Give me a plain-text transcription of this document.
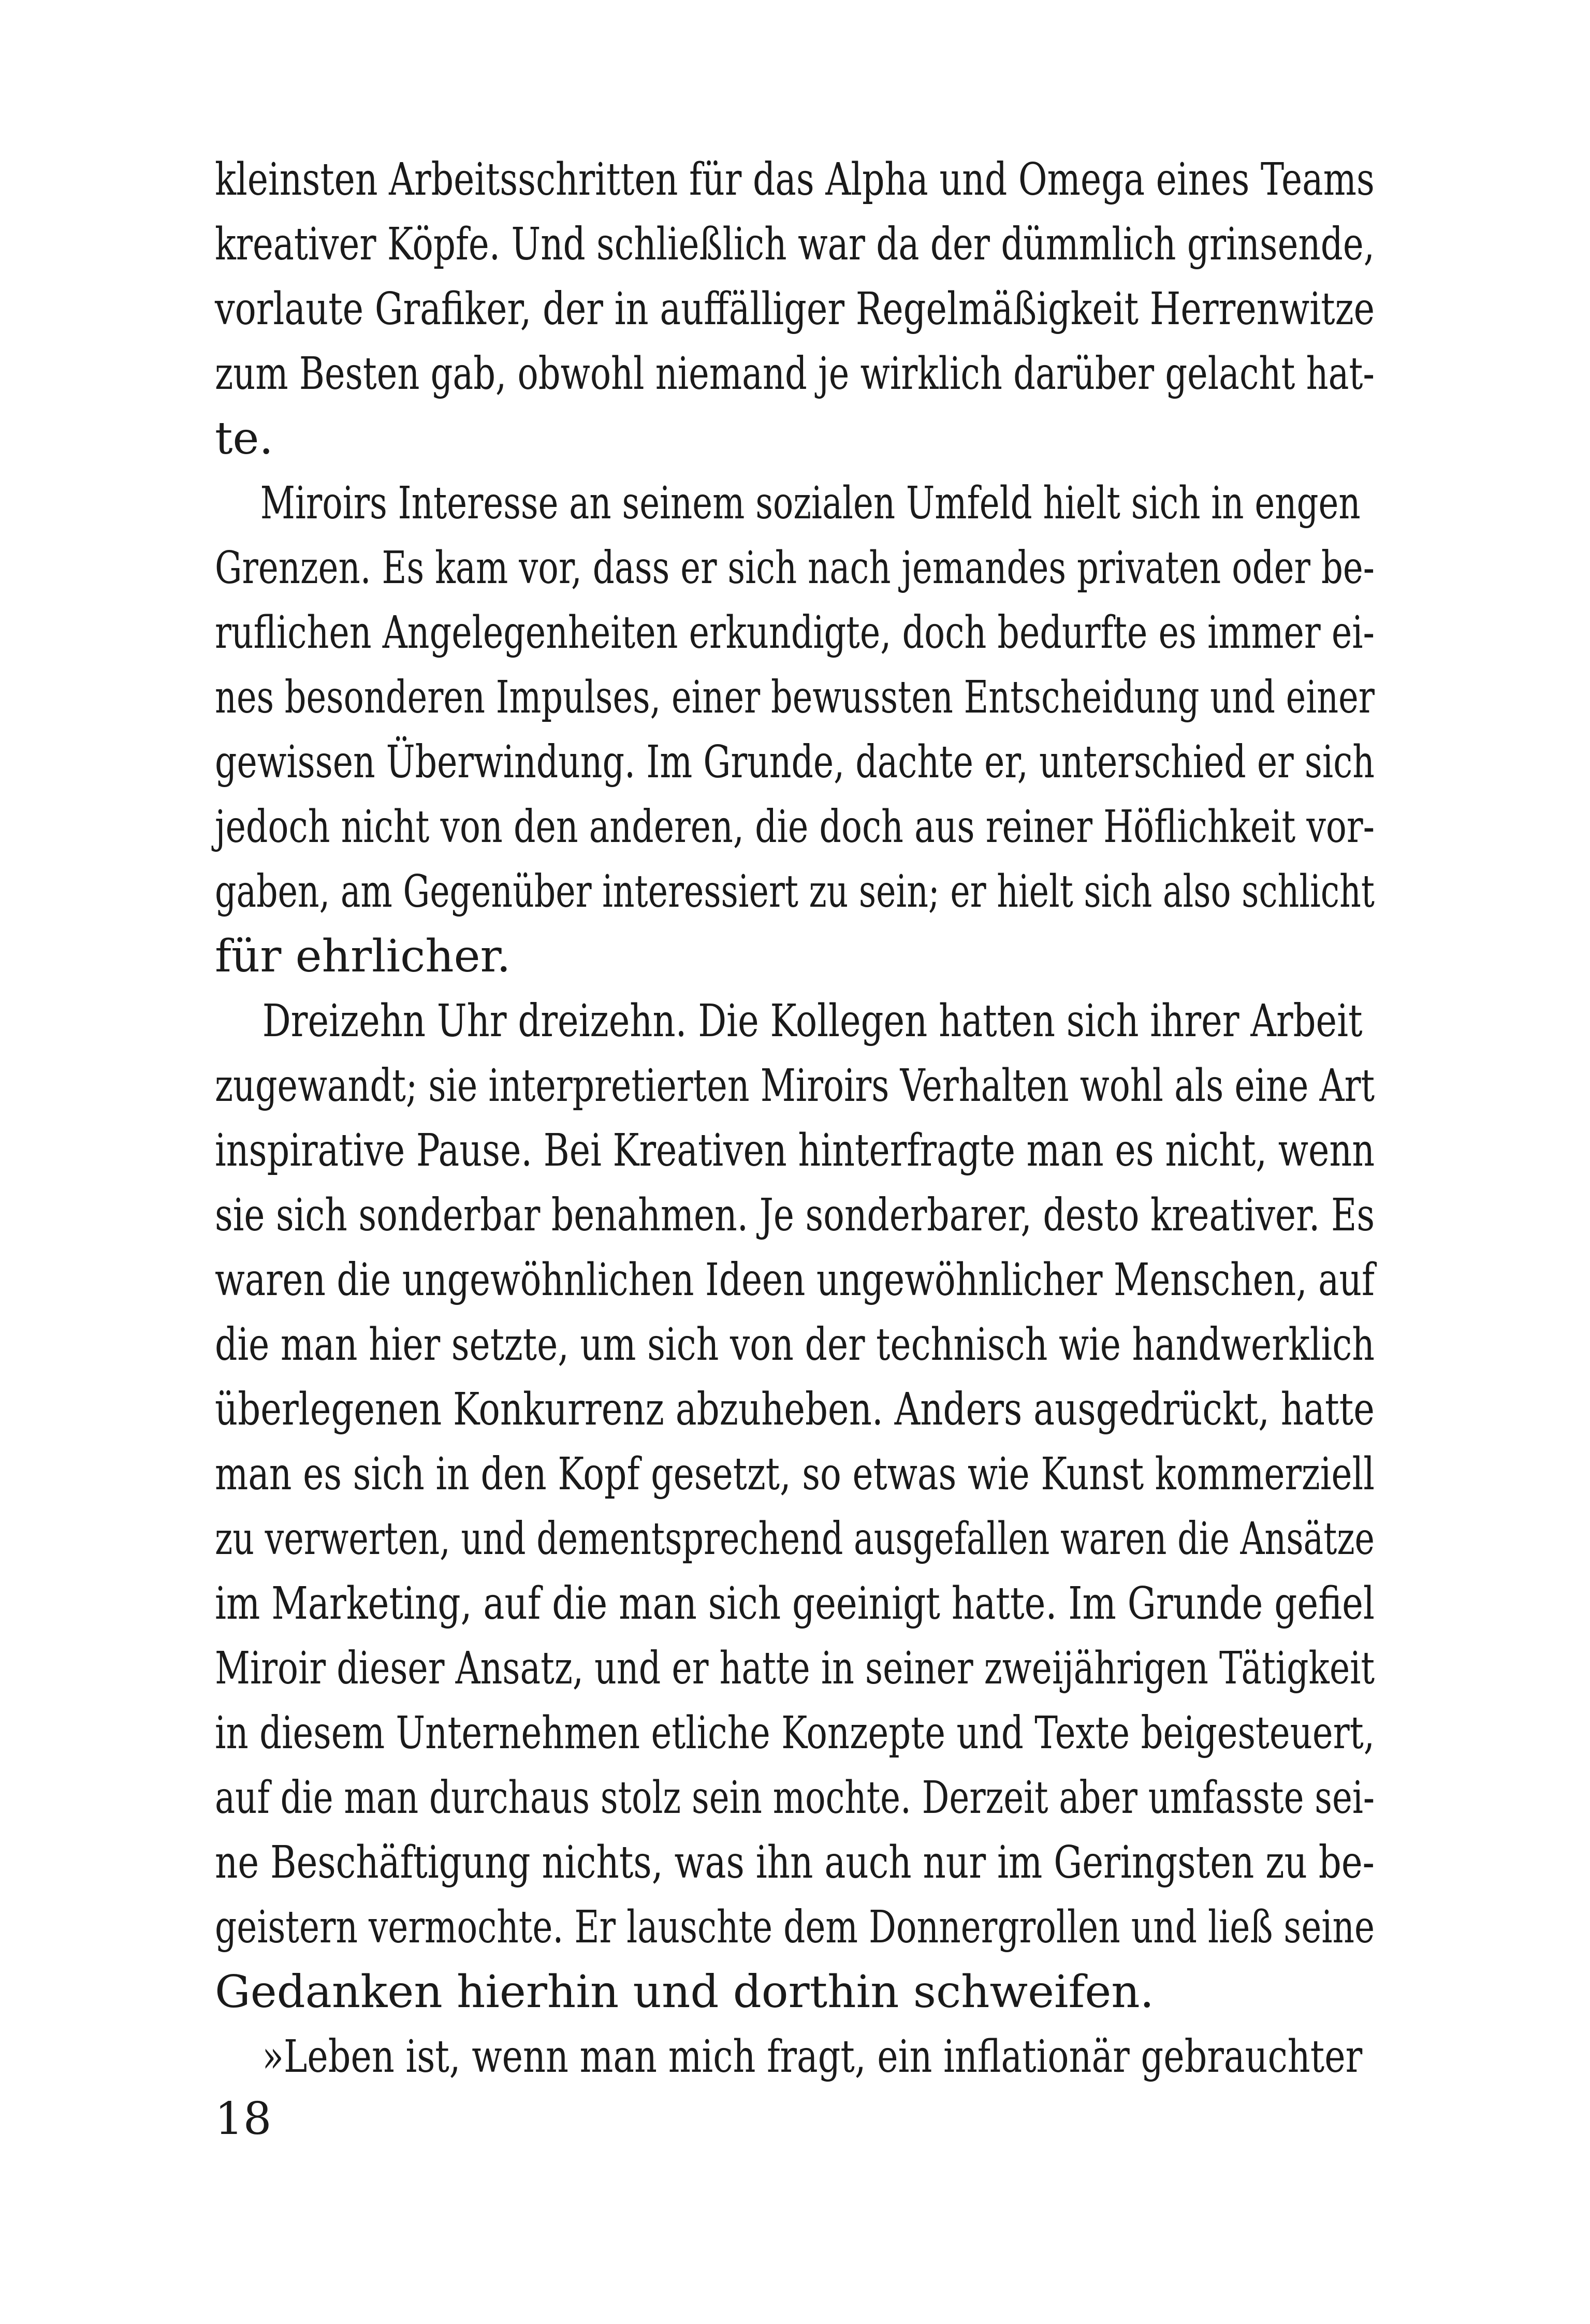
kleinsten Arbeitsschritten für das Alpha und Omega eines Teams
kreativer Köpfe. Und schließlich war da der dümmlich grinsende,
vorlaute Grafiker, der in auffälliger Regelmäßigkeit Herrenwitze
zum Besten gab, obwohl niemand je wirklich darüber gelacht hat-
te.
Miroirs Interesse an seinem sozialen Umfeld hielt sich in engen
Grenzen. Es kam vor, dass er sich nach jemandes privaten oder be-
ruflichen Angelegenheiten erkundigte, doch bedurfte es immer ei-
nes besonderen Impulses, einer bewussten Entscheidung und einer
gewissen Überwindung. Im Grunde, dachte er, unterschied er sich
jedoch nicht von den anderen, die doch aus reiner Höflichkeit vor-
gaben, am Gegenüber interessiert zu sein; er hielt sich also schlicht
für ehrlicher.
Dreizehn Uhr dreizehn. Die Kollegen hatten sich ihrer Arbeit
zugewandt; sie interpretierten Miroirs Verhalten wohl als eine Art
inspirative Pause. Bei Kreativen hinterfragte man es nicht, wenn
sie sich sonderbar benahmen. Je sonderbarer, desto kreativer. Es
waren die ungewöhnlichen Ideen ungewöhnlicher Menschen, auf
die man hier setzte, um sich von der technisch wie handwerklich
überlegenen Konkurrenz abzuheben. Anders ausgedrückt, hatte
man es sich in den Kopf gesetzt, so etwas wie Kunst kommerziell
zu verwerten, und dementsprechend ausgefallen waren die Ansätze
im Marketing, auf die man sich geeinigt hatte. Im Grunde gefiel
Miroir dieser Ansatz, und er hatte in seiner zweijährigen Tätigkeit
in diesem Unternehmen etliche Konzepte und Texte beigesteuert,
auf die man durchaus stolz sein mochte. Derzeit aber umfasste sei-
ne Beschäftigung nichts, was ihn auch nur im Geringsten zu be-
geistern vermochte. Er lauschte dem Donnergrollen und ließ seine
Gedanken hierhin und dorthin schweifen.
»Leben ist, wenn man mich fragt, ein inflationär gebrauchter
18
